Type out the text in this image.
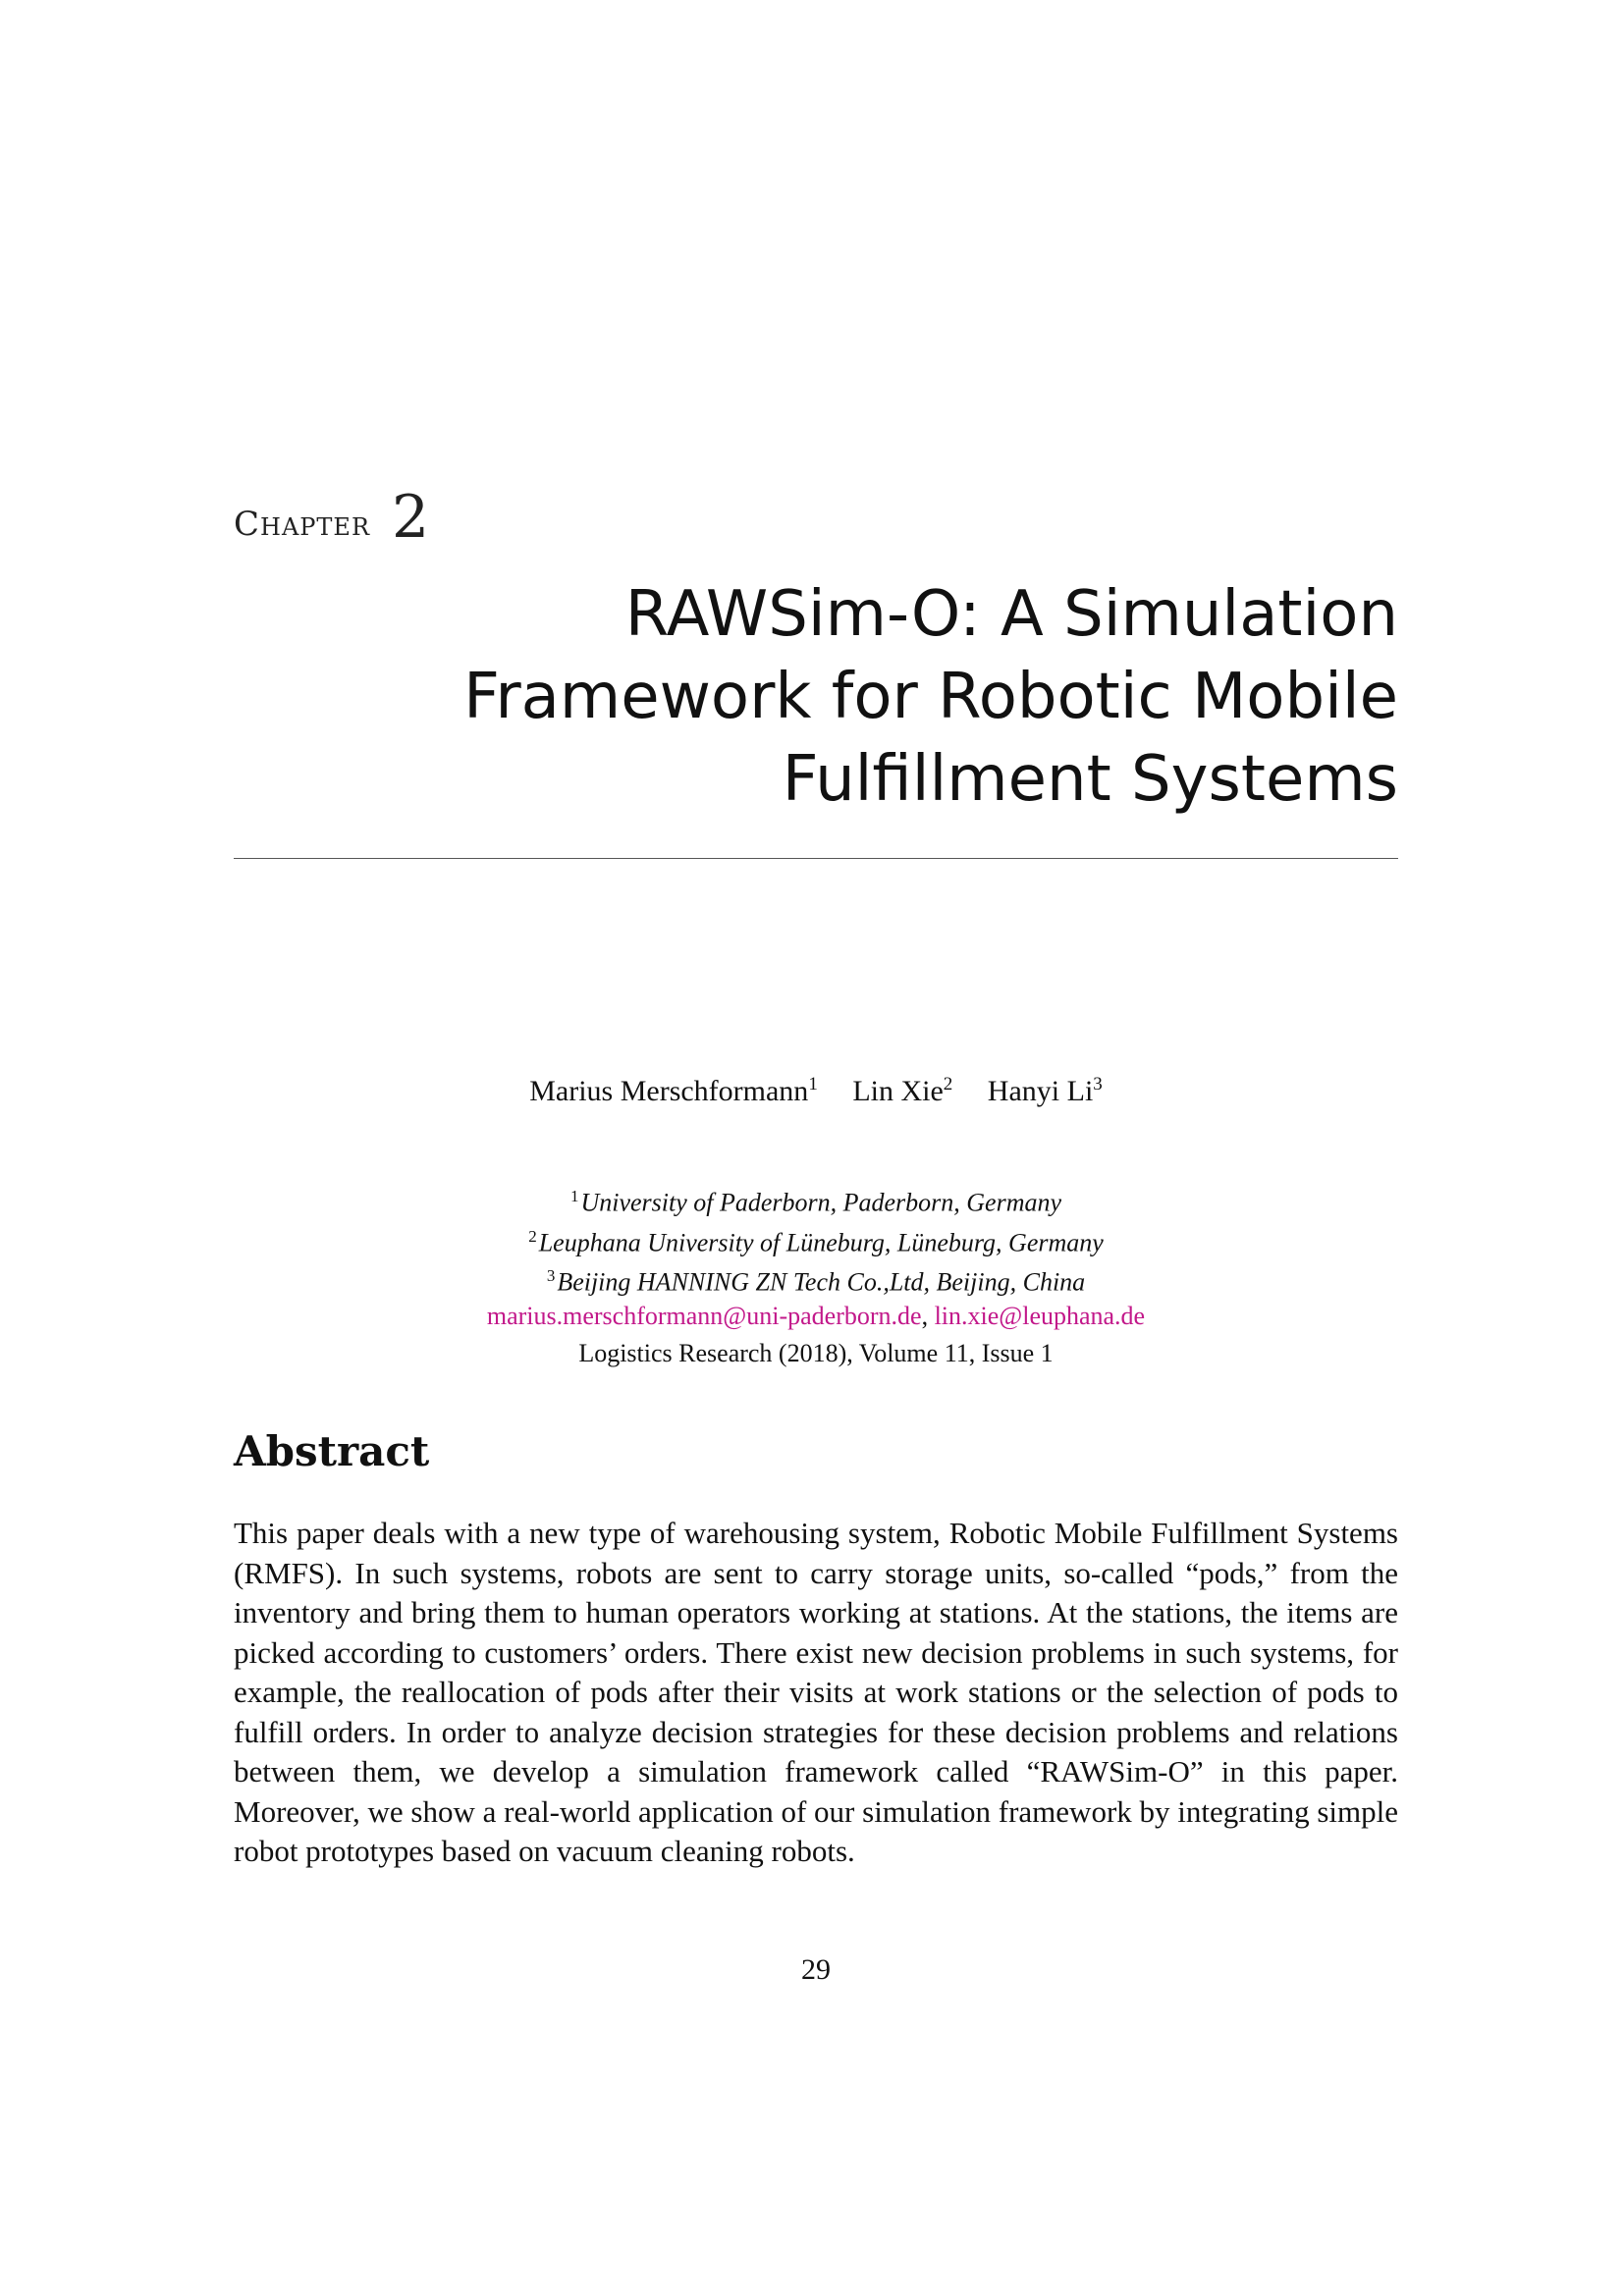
Chapter 2
RAWSim-O: A Simulation
Framework for Robotic Mobile
Fulfillment Systems
Marius Merschformann$^1$ Lin Xie$^2$ Hanyi Li$^3$
$^1$University of Paderborn, Paderborn, Germany
$^2$Leuphana University of Lüneburg, Lüneburg, Germany
$^3$Beijing HANNING ZN Tech Co.,Ltd, Beijing, China
marius.merschformann@uni-paderborn.de, lin.xie@leuphana.de
Logistics Research (2018), Volume 11, Issue 1
Abstract

This paper deals with a new type of warehousing system, Robotic Mobile Fulfillment Systems (RMFS). In such systems, robots are sent to carry storage units, so-called “pods,” from the inventory and bring them to human operators working at stations. At the stations, the items are picked according to customers’ orders. There exist new decision problems in such systems, for example, the reallocation of pods after their visits at work stations or the selection of pods to fulfill orders. In order to analyze decision strategies for these decision problems and relations between them, we develop a simulation framework called “RAWSim-O” in this paper. Moreover, we show a real-world application of our simulation framework by integrating simple robot prototypes based on vacuum cleaning robots.

29
